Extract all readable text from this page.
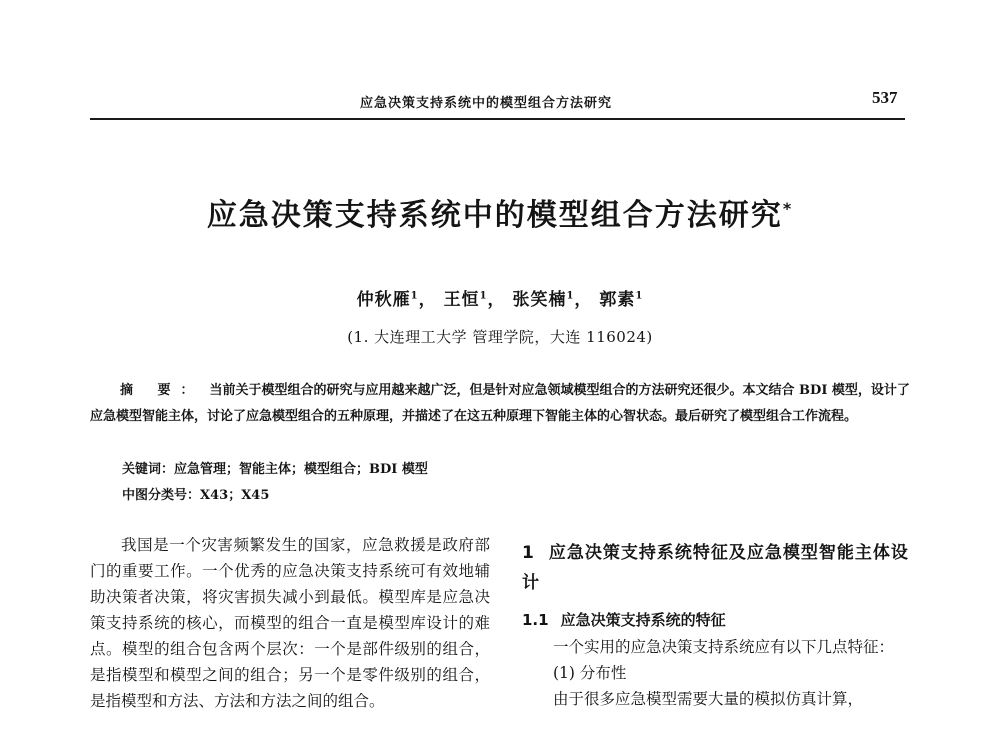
应急决策支持系统中的模型组合方法研究	537
应急决策支持系统中的模型组合方法研究*
仲秋雁$^1$， 王恒$^1$， 张笑楠$^1$， 郭素$^1$
(1. 大连理工大学 管理学院，大连 116024)
摘 要： 当前关于模型组合的研究与应用越来越广泛，但是针对应急领域模型组合的方法研究还很少。本文结合 BDI 模型，设计了应急模型智能主体，讨论了应急模型组合的五种原理，并描述了在这五种原理下智能主体的心智状态。最后研究了模型组合工作流程。
关键词：应急管理；智能主体；模型组合；BDI 模型
中图分类号：X43；X45

我国是一个灾害频繁发生的国家，应急救援是政府部门的重要工作。一个优秀的应急决策支持系统可有效地辅助决策者决策，将灾害损失减小到最低。模型库是应急决策支持系统的核心，而模型的组合一直是模型库设计的难点。模型的组合包含两个层次：一个是部件级别的组合，是指模型和模型之间的组合；另一个是零件级别的组合，是指模型和方法、方法和方法之间的组合。

1 应急决策支持系统特征及应急模型智能主体设计
1.1 应急决策支持系统的特征

一个实用的应急决策支持系统应有以下几点特征：

(1) 分布性

由于很多应急模型需要大量的模拟仿真计算，
